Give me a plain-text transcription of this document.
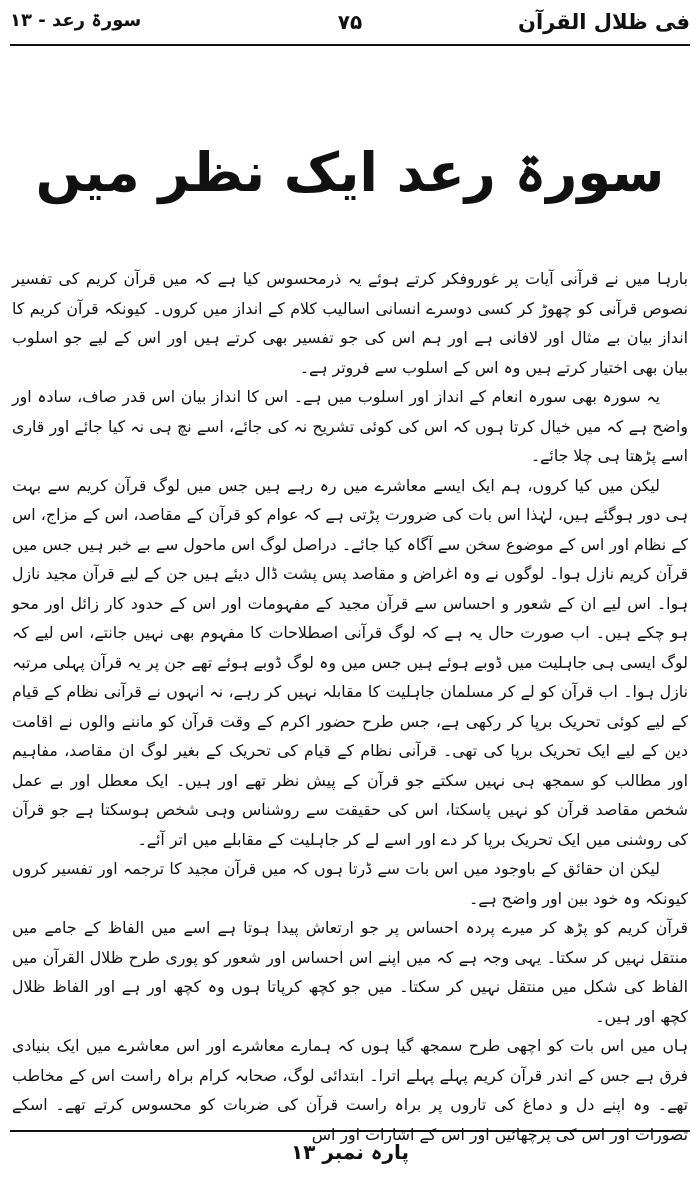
فی ظلال القرآن
۷۵
سورۃ رعد - ۱۳
سورۃ رعد ایک نظر میں

بارہا میں نے قرآنی آیات پر غوروفکر کرتے ہوئے یہ ذرمحسوس کیا ہے کہ میں قرآن کریم کی تفسیر نصوص قرآنی کو چھوڑ کر کسی دوسرے انسانی اسالیب کلام کے انداز میں کروں۔ کیونکہ قرآن کریم کا انداز بیان بے مثال اور لافانی ہے اور ہم اس کی جو تفسیر بھی کرتے ہیں اور اس کے لیے جو اسلوب بیان بھی اختیار کرتے ہیں وہ اس کے اسلوب سے فروتر ہے۔

یہ سورہ بھی سورہ انعام کے انداز اور اسلوب میں ہے۔ اس کا انداز بیان اس قدر صاف، سادہ اور واضح ہے کہ میں خیال کرتا ہوں کہ اس کی کوئی تشریح نہ کی جائے، اسے نچ ہی نہ کیا جائے اور قاری اسے پڑھتا ہی چلا جائے۔

لیکن میں کیا کروں، ہم ایک ایسے معاشرے میں رہ رہے ہیں جس میں لوگ قرآن کریم سے بہت ہی دور ہوگئے ہیں، لہٰذا اس بات کی ضرورت پڑتی ہے کہ عوام کو قرآن کے مقاصد، اس کے مزاج، اس کے نظام اور اس کے موضوع سخن سے آگاہ کیا جائے۔ دراصل لوگ اس ماحول سے بے خبر ہیں جس میں قرآن کریم نازل ہوا۔ لوگوں نے وہ اغراض و مقاصد پس پشت ڈال دیئے ہیں جن کے لیے قرآن مجید نازل ہوا۔ اس لیے ان کے شعور و احساس سے قرآن مجید کے مفہومات اور اس کے حدود کار زائل اور محو ہو چکے ہیں۔ اب صورت حال یہ ہے کہ لوگ قرآنی اصطلاحات کا مفہوم بھی نہیں جانتے، اس لیے کہ لوگ ایسی ہی جاہلیت میں ڈوبے ہوئے ہیں جس میں وہ لوگ ڈوبے ہوئے تھے جن پر یہ قرآن پہلی مرتبہ نازل ہوا۔ اب قرآن کو لے کر مسلمان جاہلیت کا مقابلہ نہیں کر رہے، نہ انہوں نے قرآنی نظام کے قیام کے لیے کوئی تحریک برپا کر رکھی ہے، جس طرح حضور اکرم کے وقت قرآن کو ماننے والوں نے اقامت دین کے لیے ایک تحریک برپا کی تھی۔ قرآنی نظام کے قیام کی تحریک کے بغیر لوگ ان مقاصد، مفاہیم اور مطالب کو سمجھ ہی نہیں سکتے جو قرآن کے پیش نظر تھے اور ہیں۔ ایک معطل اور بے عمل شخص مقاصد قرآن کو نہیں پاسکتا، اس کی حقیقت سے روشناس وہی شخص ہوسکتا ہے جو قرآن کی روشنی میں ایک تحریک برپا کر دے اور اسے لے کر جاہلیت کے مقابلے میں اتر آئے۔

لیکن ان حقائق کے باوجود میں اس بات سے ڈرتا ہوں کہ میں قرآن مجید کا ترجمہ اور تفسیر کروں کیونکہ وہ خود بین اور واضح ہے۔

قرآن کریم کو پڑھ کر میرے پردہ احساس پر جو ارتعاش پیدا ہوتا ہے اسے میں الفاظ کے جامے میں منتقل نہیں کر سکتا۔ یہی وجہ ہے کہ میں اپنے اس احساس اور شعور کو پوری طرح ظلال القرآن میں الفاظ کی شکل میں منتقل نہیں کر سکتا۔ میں جو کچھ کرپاتا ہوں وہ کچھ اور ہے اور الفاظ ظلال کچھ اور ہیں۔

ہاں میں اس بات کو اچھی طرح سمجھ گیا ہوں کہ ہمارے معاشرے اور اس معاشرے میں ایک بنیادی فرق ہے جس کے اندر قرآن کریم پہلے پہلے اترا۔ ابتدائی لوگ، صحابہ کرام براہ راست اس کے مخاطب تھے۔ وہ اپنے دل و دماغ کی تاروں پر براہ راست قرآن کی ضربات کو محسوس کرتے تھے۔ اسکے تصورات اور اس کی پرچھائیں اور اس کے اشارات اور اس

پارہ نمبر ۱۳
